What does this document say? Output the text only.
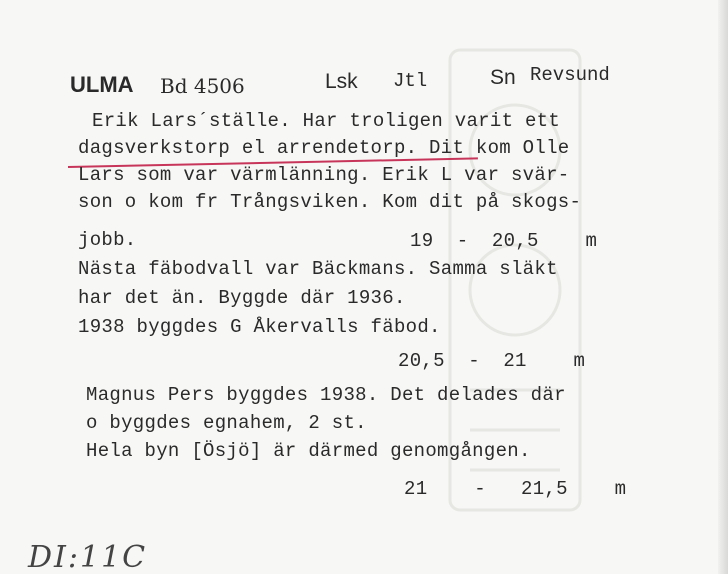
ULMA Bd 4506	Lsk Jtl	Sn Revsund
Erik Lars´ställe. Har troligen varit ett
dagsverkstorp el arrendetorp. Dit kom Olle
Lars som var värmlänning. Erik L var svär-
son o kom fr Trångsviken. Kom dit på skogs-
jobb.	19  -  20,5    m
Nästa fäbodvall var Bäckmans. Samma släkt
har det än. Byggde där 1936.
1938 byggdes G Åkervalls fäbod.
20,5  -  21    m
Magnus Pers byggdes 1938. Det delades där
o byggdes egnahem, 2 st.
Hela byn [Ösjö] är därmed genomgången.
21    -   21,5    m
DI:11C
